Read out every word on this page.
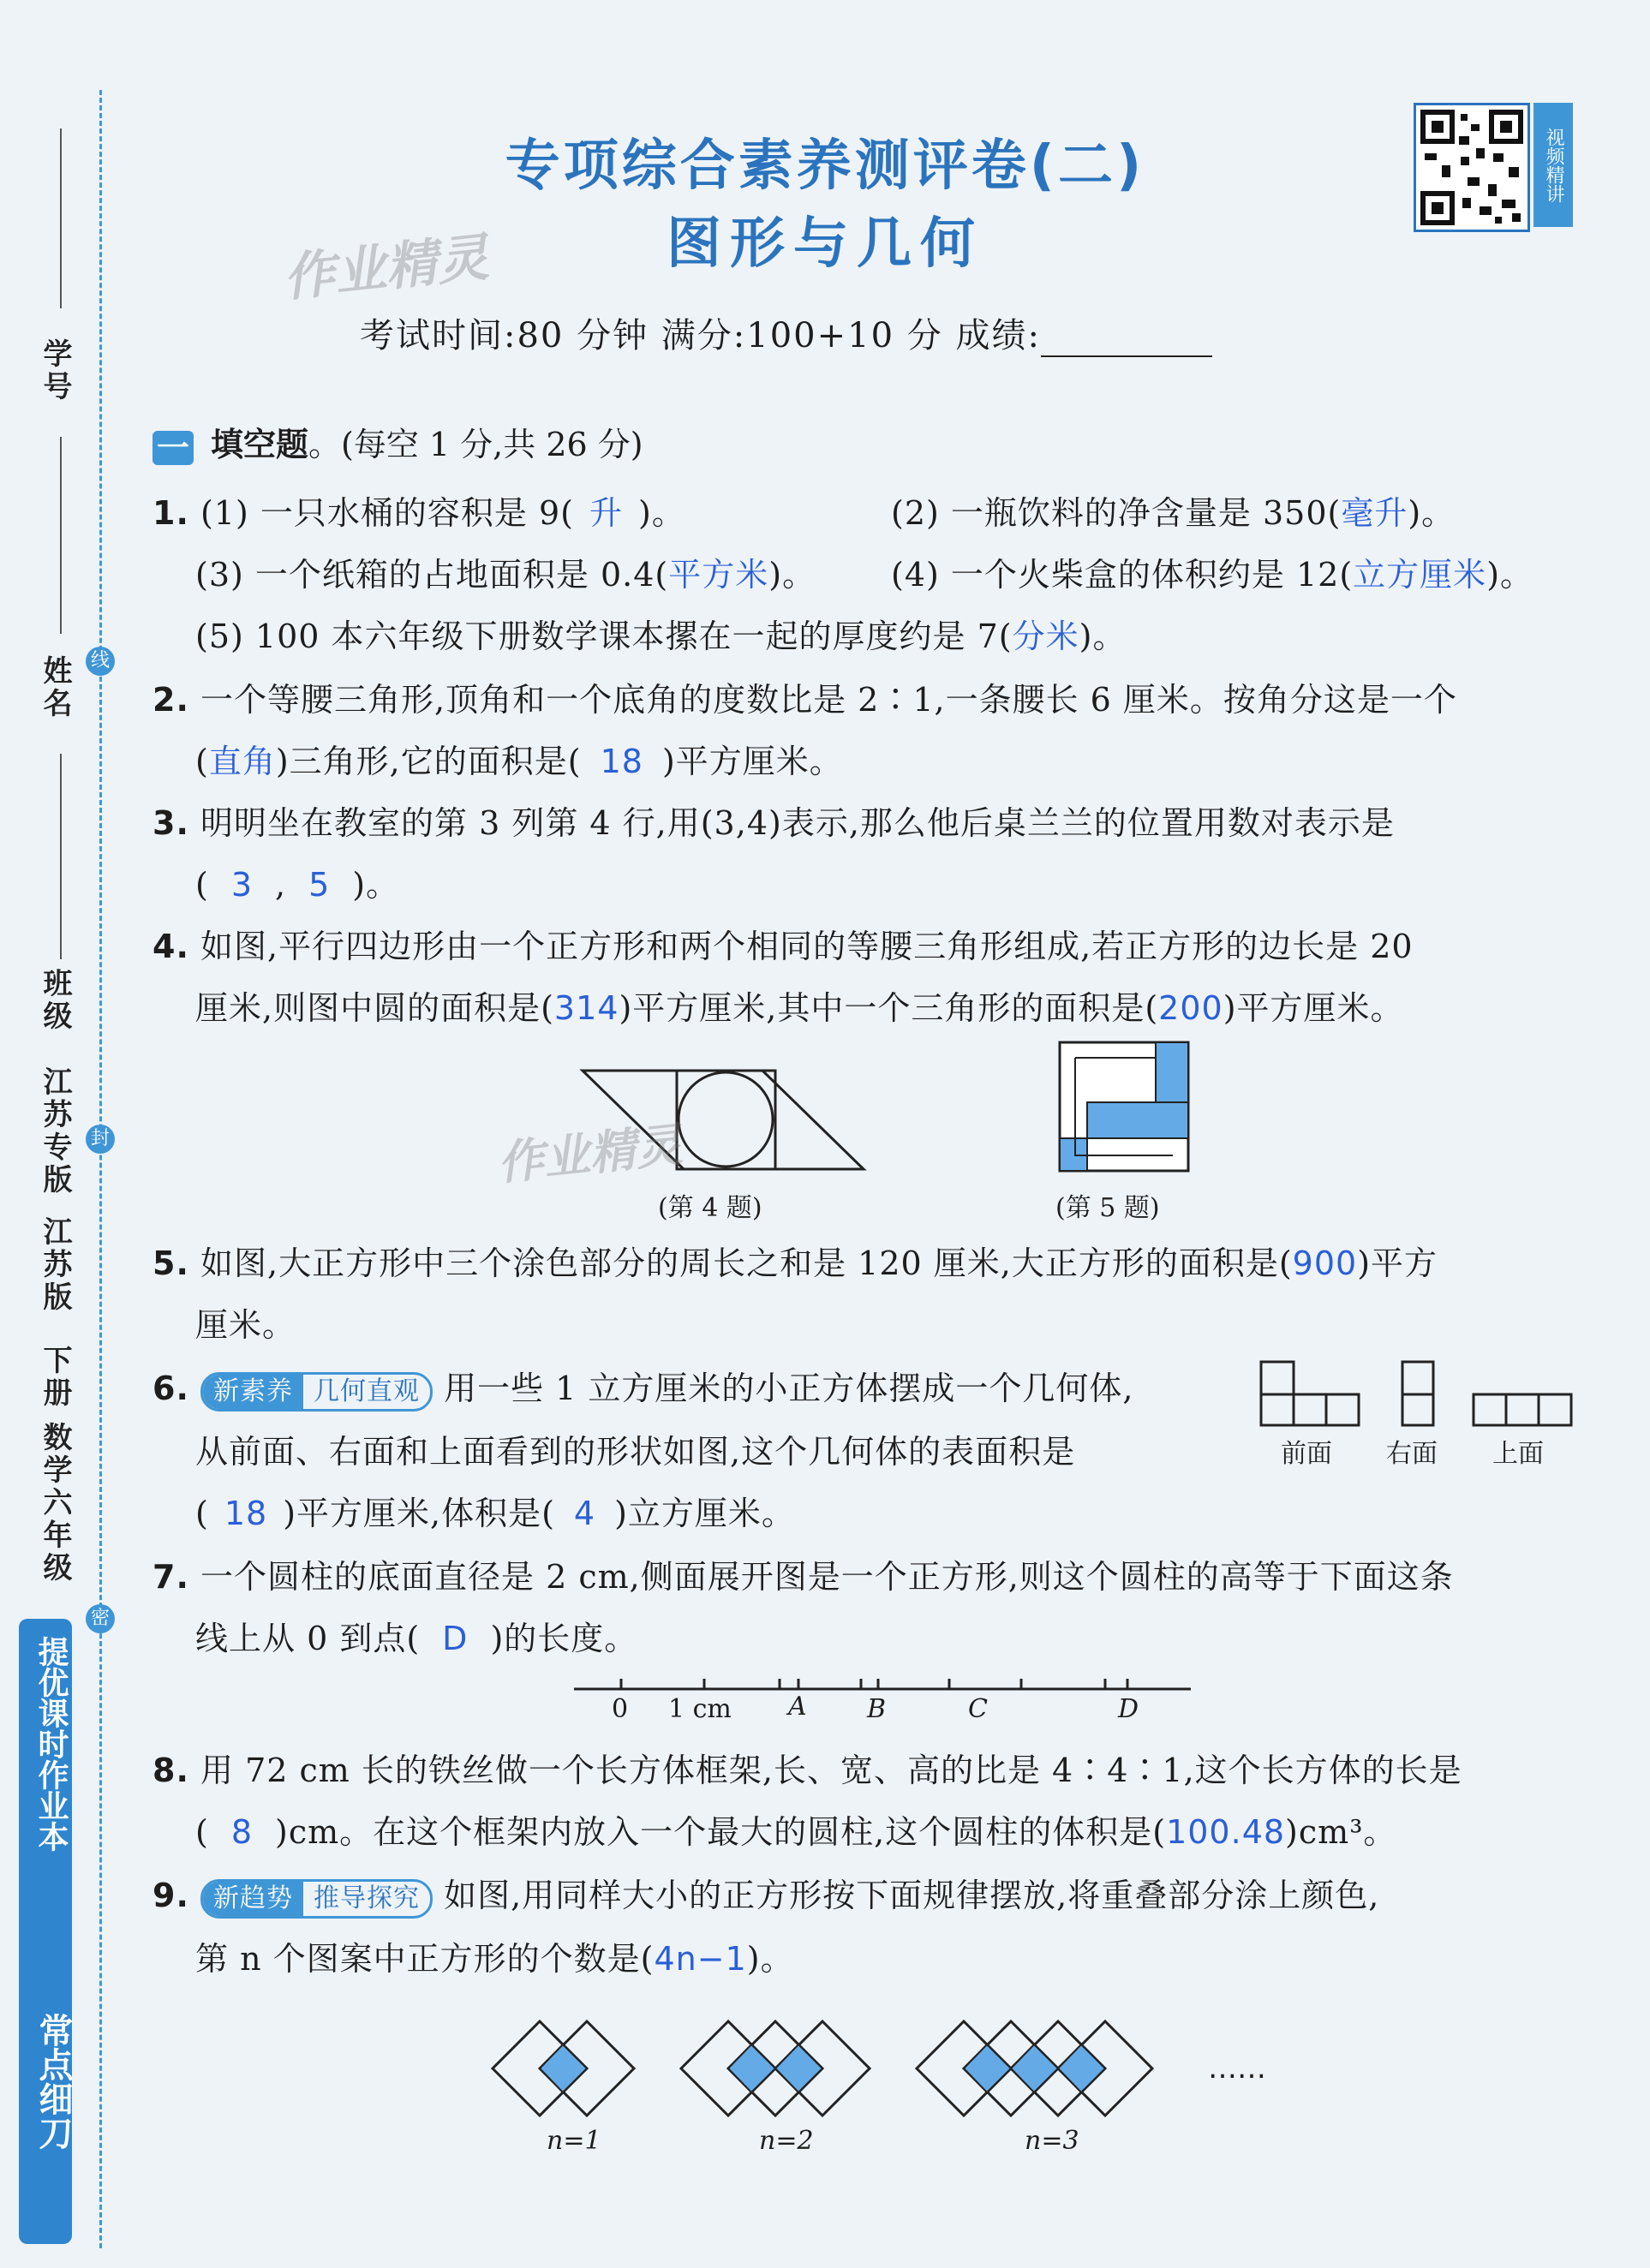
学号
姓名
班级
江苏专版
江苏版
下册
数学六年级
线
封
密
提优课时作业本
常点细刀
专项综合素养测评卷(二)
图形与几何
作业精灵
视频精讲
考试时间:80 分钟 满分:100+10 分 成绩:
一 填空题。(每空 1 分,共 26 分)
1. (1) 一只水桶的容积是 9( 升 )。	(2) 一瓶饮料的净含量是 350(毫升)。
(3) 一个纸箱的占地面积是 0.4(平方米)。 (4) 一个火柴盒的体积约是 12(立方厘米)。
(5) 100 本六年级下册数学课本摞在一起的厚度约是 7(分米)。
2. 一个等腰三角形,顶角和一个底角的度数比是 2∶1,一条腰长 6 厘米。按角分这是一个
(直角)三角形,它的面积是( 18 )平方厘米。
3. 明明坐在教室的第 3 列第 4 行,用(3,4)表示,那么他后桌兰兰的位置用数对表示是
( 3 , 5 )。
4. 如图,平行四边形由一个正方形和两个相同的等腰三角形组成,若正方形的边长是 20
厘米,则图中圆的面积是(314)平方厘米,其中一个三角形的面积是(200)平方厘米。
作业精灵
(第 4 题)	(第 5 题)
5. 如图,大正方形中三个涂色部分的周长之和是 120 厘米,大正方形的面积是(900)平方
厘米。
6. 新素养 几何直观 用一些 1 立方厘米的小正方体摆成一个几何体,
从前面、右面和上面看到的形状如图,这个几何体的表面积是
( 18 )平方厘米,体积是( 4 )立方厘米。
前面 右面 上面
7. 一个圆柱的底面直径是 2 cm,侧面展开图是一个正方形,则这个圆柱的高等于下面这条
线上从 0 到点( D )的长度。
0 1 cm A B	C	D
8. 用 72 cm 长的铁丝做一个长方体框架,长、宽、高的比是 4∶4∶1,这个长方体的长是
( 8 )cm。在这个框架内放入一个最大的圆柱,这个圆柱的体积是(100.48)cm³。
9. 新趋势 推导探究 如图,用同样大小的正方形按下面规律摆放,将重叠部分涂上颜色,
第 n 个图案中正方形的个数是(4n−1)。
……
n=1	n=2	n=3
